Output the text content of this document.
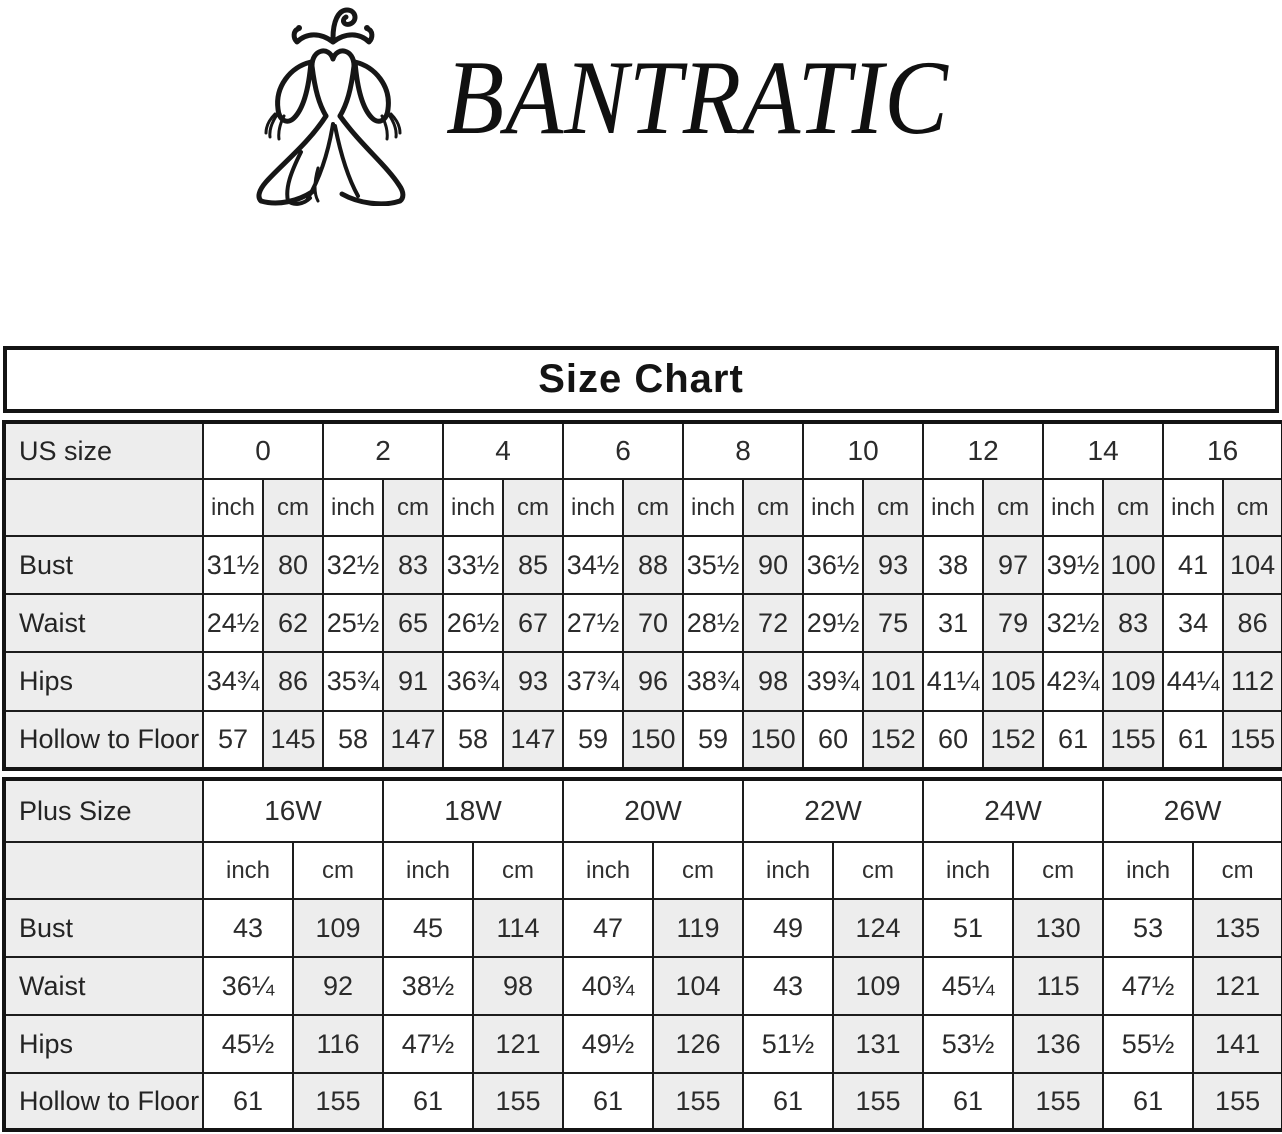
BANTRATIC
Size Chart
US size	0		2		4		6		8		10		12		14		16	
	inch	cm	inch	cm	inch	cm	inch	cm	inch	cm	inch	cm	inch	cm	inch	cm	inch	cm
Bust	31½	80	32½	83	33½	85	34½	88	35½	90	36½	93	38	97	39½	100	41	104
Waist	24½	62	25½	65	26½	67	27½	70	28½	72	29½	75	31	79	32½	83	34	86
Hips	34¾	86	35¾	91	36¾	93	37¾	96	38¾	98	39¾	101	41¼	105	42¾	109	44¼	112
Hollow to Floor	57	145	58	147	58	147	59	150	59	150	60	152	60	152	61	155	61	155
Plus Size	16W		18W		20W		22W		24W		26W	
	inch	cm	inch	cm	inch	cm	inch	cm	inch	cm	inch	cm
Bust	43	109	45	114	47	119	49	124	51	130	53	135
Waist	36¼	92	38½	98	40¾	104	43	109	45¼	115	47½	121
Hips	45½	116	47½	121	49½	126	51½	131	53½	136	55½	141
Hollow to Floor	61	155	61	155	61	155	61	155	61	155	61	155
